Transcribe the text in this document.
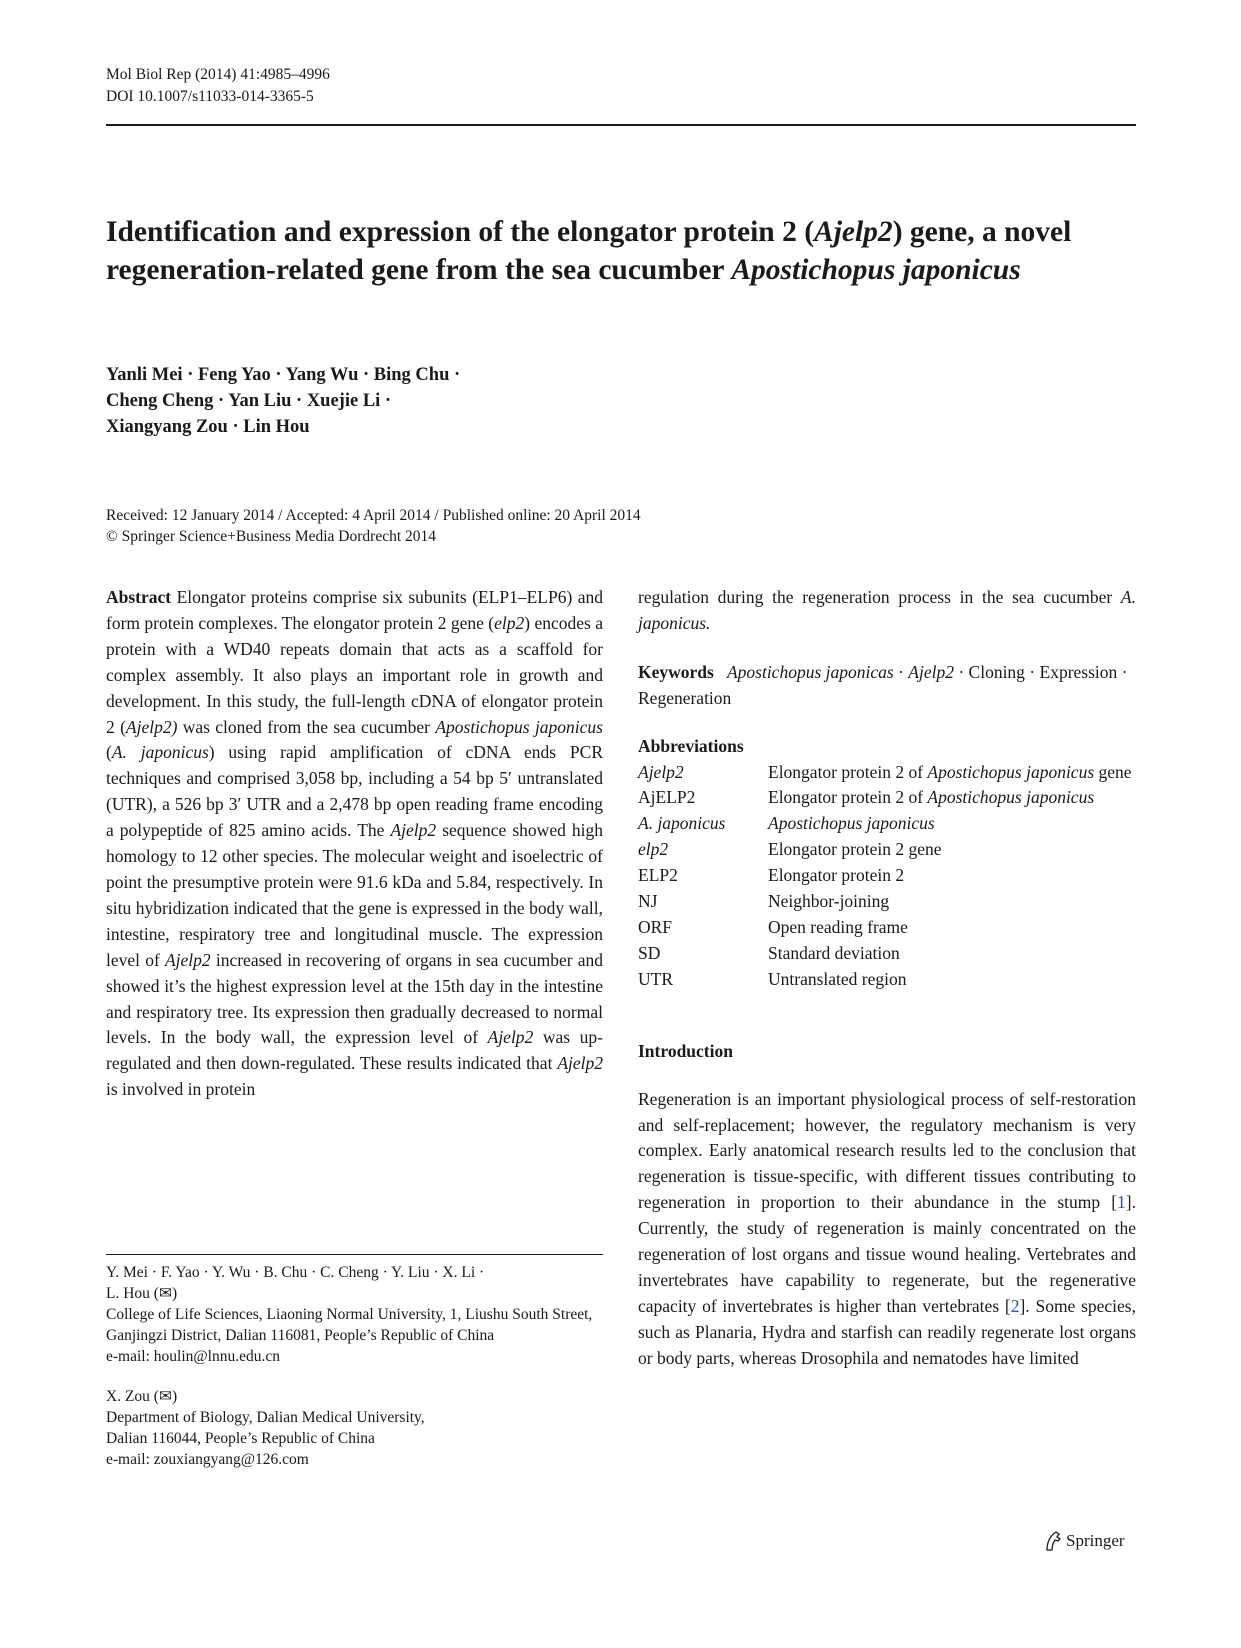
Mol Biol Rep (2014) 41:4985–4996
DOI 10.1007/s11033-014-3365-5
Identification and expression of the elongator protein 2 (Ajelp2) gene, a novel regeneration-related gene from the sea cucumber Apostichopus japonicus
Yanli Mei · Feng Yao · Yang Wu · Bing Chu ·
Cheng Cheng · Yan Liu · Xuejie Li ·
Xiangyang Zou · Lin Hou
Received: 12 January 2014 / Accepted: 4 April 2014 / Published online: 20 April 2014
© Springer Science+Business Media Dordrecht 2014

Abstract Elongator proteins comprise six subunits (ELP1–ELP6) and form protein complexes. The elongator protein 2 gene (elp2) encodes a protein with a WD40 repeats domain that acts as a scaffold for complex assembly. It also plays an important role in growth and development. In this study, the full-length cDNA of elongator protein 2 (Ajelp2) was cloned from the sea cucumber Apostichopus japonicus (A. japonicus) using rapid amplification of cDNA ends PCR techniques and comprised 3,058 bp, including a 54 bp 5′ untranslated (UTR), a 526 bp 3′ UTR and a 2,478 bp open reading frame encoding a polypeptide of 825 amino acids. The Ajelp2 sequence showed high homology to 12 other species. The molecular weight and isoelectric of point the presumptive protein were 91.6 kDa and 5.84, respectively. In situ hybridization indicated that the gene is expressed in the body wall, intestine, respiratory tree and longitudinal muscle. The expression level of Ajelp2 increased in recovering of organs in sea cucumber and showed it’s the highest expression level at the 15th day in the intestine and respiratory tree. Its expression then gradually decreased to normal levels. In the body wall, the expression level of Ajelp2 was up-regulated and then down-regulated. These results indicated that Ajelp2 is involved in protein

regulation during the regeneration process in the sea cucumber A. japonicus.

Keywords Apostichopus japonicas · Ajelp2 · Cloning · Expression · Regeneration

Abbreviations
Ajelp2	Elongator protein 2 of Apostichopus japonicus gene
AjELP2	Elongator protein 2 of Apostichopus japonicus
A. japonicus	Apostichopus japonicus
elp2	Elongator protein 2 gene
ELP2	Elongator protein 2
NJ	Neighbor-joining
ORF	Open reading frame
SD	Standard deviation
UTR	Untranslated region
Introduction

Regeneration is an important physiological process of self-restoration and self-replacement; however, the regulatory mechanism is very complex. Early anatomical research results led to the conclusion that regeneration is tissue-specific, with different tissues contributing to regeneration in proportion to their abundance in the stump [1]. Currently, the study of regeneration is mainly concentrated on the regeneration of lost organs and tissue wound healing. Vertebrates and invertebrates have capability to regenerate, but the regenerative capacity of invertebrates is higher than vertebrates [2]. Some species, such as Planaria, Hydra and starfish can readily regenerate lost organs or body parts, whereas Drosophila and nematodes have limited

Y. Mei · F. Yao · Y. Wu · B. Chu · C. Cheng · Y. Liu · X. Li ·
L. Hou (✉)
College of Life Sciences, Liaoning Normal University, 1, Liushu South Street, Ganjingzi District, Dalian 116081, People’s Republic of China
e-mail: houlin@lnnu.edu.cn
X. Zou (✉)
Department of Biology, Dalian Medical University,
Dalian 116044, People’s Republic of China
e-mail: zouxiangyang@126.com
Springer
